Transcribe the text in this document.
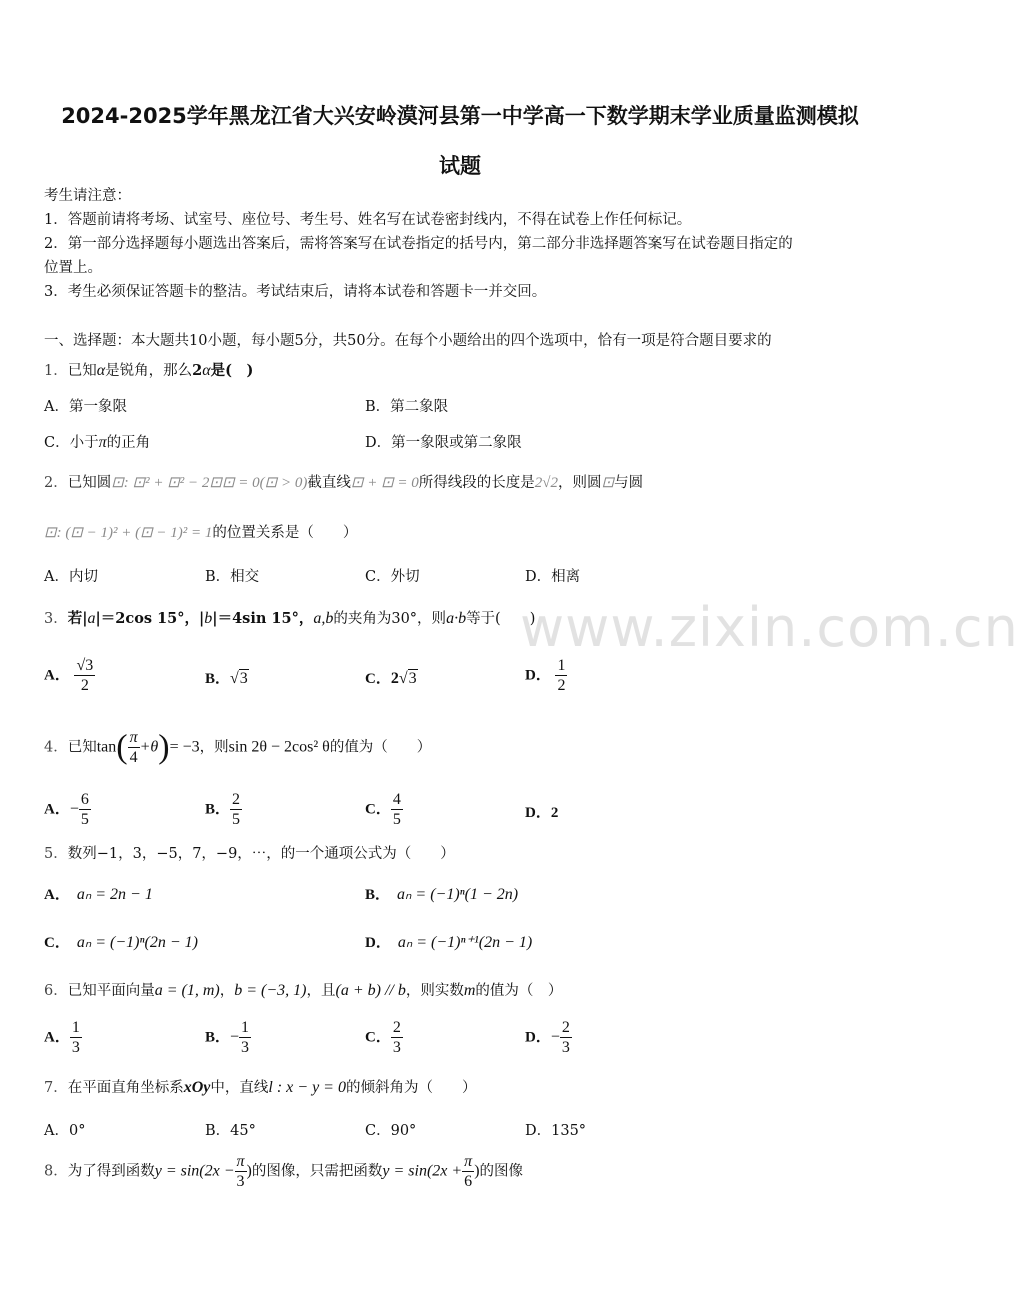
2024-2025学年黑龙江省大兴安岭漠河县第一中学高一下数学期末学业质量监测模拟
试题
考生请注意：
1．答题前请将考场、试室号、座位号、考生号、姓名写在试卷密封线内，不得在试卷上作任何标记。
2．第一部分选择题每小题选出答案后，需将答案写在试卷指定的括号内，第二部分非选择题答案写在试卷题目指定的
位置上。
3．考生必须保证答题卡的整洁。考试结束后，请将本试卷和答题卡一并交回。
一、选择题：本大题共10小题，每小题5分，共50分。在每个小题给出的四个选项中，恰有一项是符合题目要求的
www.zixin.com.cn
1．已知α是锐角，那么2α是(　 )
A．第一象限	B．第二象限
C．小于π的正角	D．第一象限或第二象限
2．已知圆⊡: ⊡² + ⊡² − 2⊡⊡ = 0(⊡ > 0)截直线⊡ + ⊡ = 0所得线段的长度是2√2，则圆⊡与圆
⊡: (⊡ − 1)² + (⊡ − 1)² = 1的位置关系是（　　）
A．内切	B．相交	C．外切	D．相离
3．若|a|＝2cos 15°，|b|＝4sin 15°，a,b的夹角为30°，则a·b等于(　　)
A． $\frac{√3}{2}$	B．√3	C．2√3	D． $\frac{1}{2}$
4．已知$\tan( \frac{\pi}{4} +\theta)= -3$，则sin 2θ − 2cos² θ的值为（　　）
A．− $\frac{6}{5}$	B． $\frac{2}{5}$	C． $\frac{4}{5}$	D．2
5．数列−1，3，−5，7，−9，⋯，的一个通项公式为（　　）
A．　 aₙ = 2n − 1	B．　 aₙ = (−1)ⁿ(1 − 2n)
C．　 aₙ = (−1)ⁿ(2n − 1)	D．　 aₙ = (−1)ⁿ⁺¹(2n − 1)
6．已知平面向量a = (1, m)，b = (−3, 1)，且(a + b) // b，则实数m的值为（　）
A． $\frac{1}{3}$	B．− $\frac{1}{3}$	C． $\frac{2}{3}$	D．− $\frac{2}{3}$
7．在平面直角坐标系xOy中，直线l : x − y = 0的倾斜角为（　　）
A．0°	B．45°	C．90°	D．135°
8．为了得到函数$y = \sin(2x - \frac{\pi}{3}$ )的图像，只需把函数$y = \sin(2x + \frac{\pi}{6}$ )的图像
